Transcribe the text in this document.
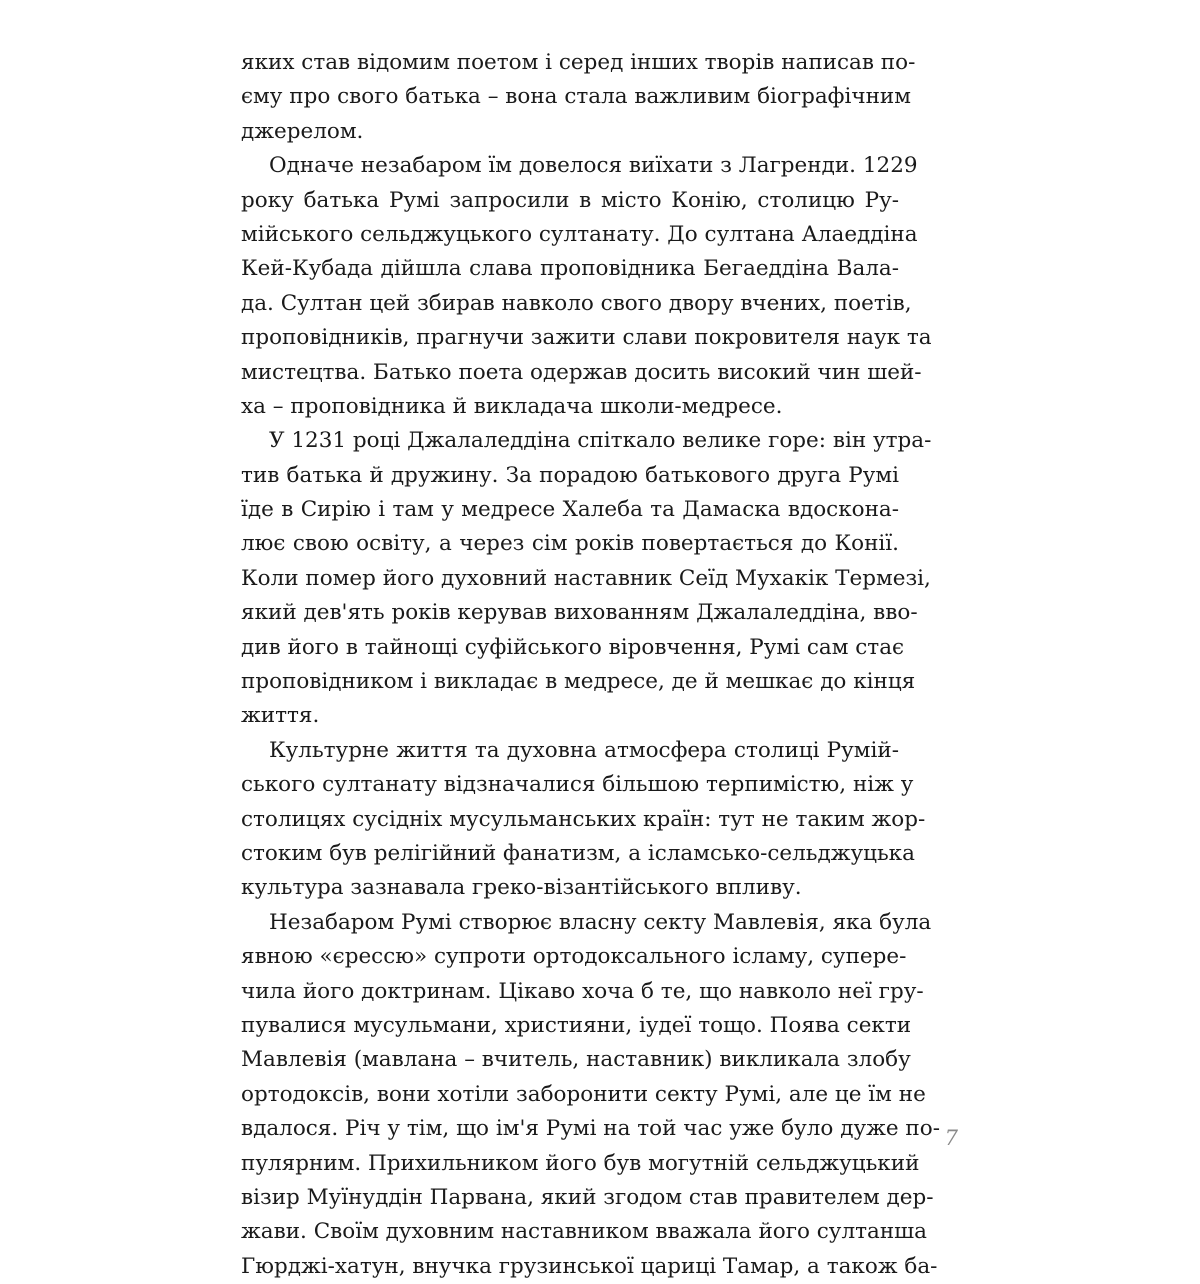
яких став відомим поетом і серед інших творів написав по-
єму про свого батька – вона стала важливим біографічним
джерелом.
Одначе незабаром їм довелося виїхати з Лагренди. 1229
року батька Румі запросили в місто Конію, столицю Ру-
мійського сельджуцького султанату. До султана Алаеддіна
Кей-Кубада дійшла слава проповідника Бегаеддіна Вала-
да. Султан цей збирав навколо свого двору вчених, поетів,
проповідників, прагнучи зажити слави покровителя наук та
мистецтва. Батько поета одержав досить високий чин шей-
ха – проповідника й викладача школи-медресе.
У 1231 році Джалаледдіна спіткало велике горе: він утра-
тив батька й дружину. За порадою батькового друга Румі
їде в Сирію і там у медресе Халеба та Дамаска вдоскона-
лює свою освіту, а через сім років повертається до Конії.
Коли помер його духовний наставник Сеїд Мухакік Термезі,
який дев'ять років керував вихованням Джалаледдіна, вво-
див його в тайнощі суфійського віровчення, Румі сам стає
проповідником і викладає в медресе, де й мешкає до кінця
життя.
Культурне життя та духовна атмосфера столиці Румій-
ського султанату відзначалися більшою терпимістю, ніж у
столицях сусідніх мусульманських країн: тут не таким жор-
стоким був релігійний фанатизм, а ісламсько-сельджуцька
культура зазнавала греко-візантійського впливу.
Незабаром Румі створює власну секту Мавлевія, яка була
явною «єрессю» супроти ортодоксального ісламу, супере-
чила його доктринам. Цікаво хоча б те, що навколо неї гру-
пувалися мусульмани, християни, іудеї тощо. Поява секти
Мавлевія (мавлана – вчитель, наставник) викликала злобу
ортодоксів, вони хотіли заборонити секту Румі, але це їм не
вдалося. Річ у тім, що ім'я Румі на той час уже було дуже по-
пулярним. Прихильником його був могутній сельджуцький
візир Муїнуддін Парвана, який згодом став правителем дер-
жави. Своїм духовним наставником вважала його султанша
Гюрджі-хатун, внучка грузинської цариці Тамар, а також ба-
7
